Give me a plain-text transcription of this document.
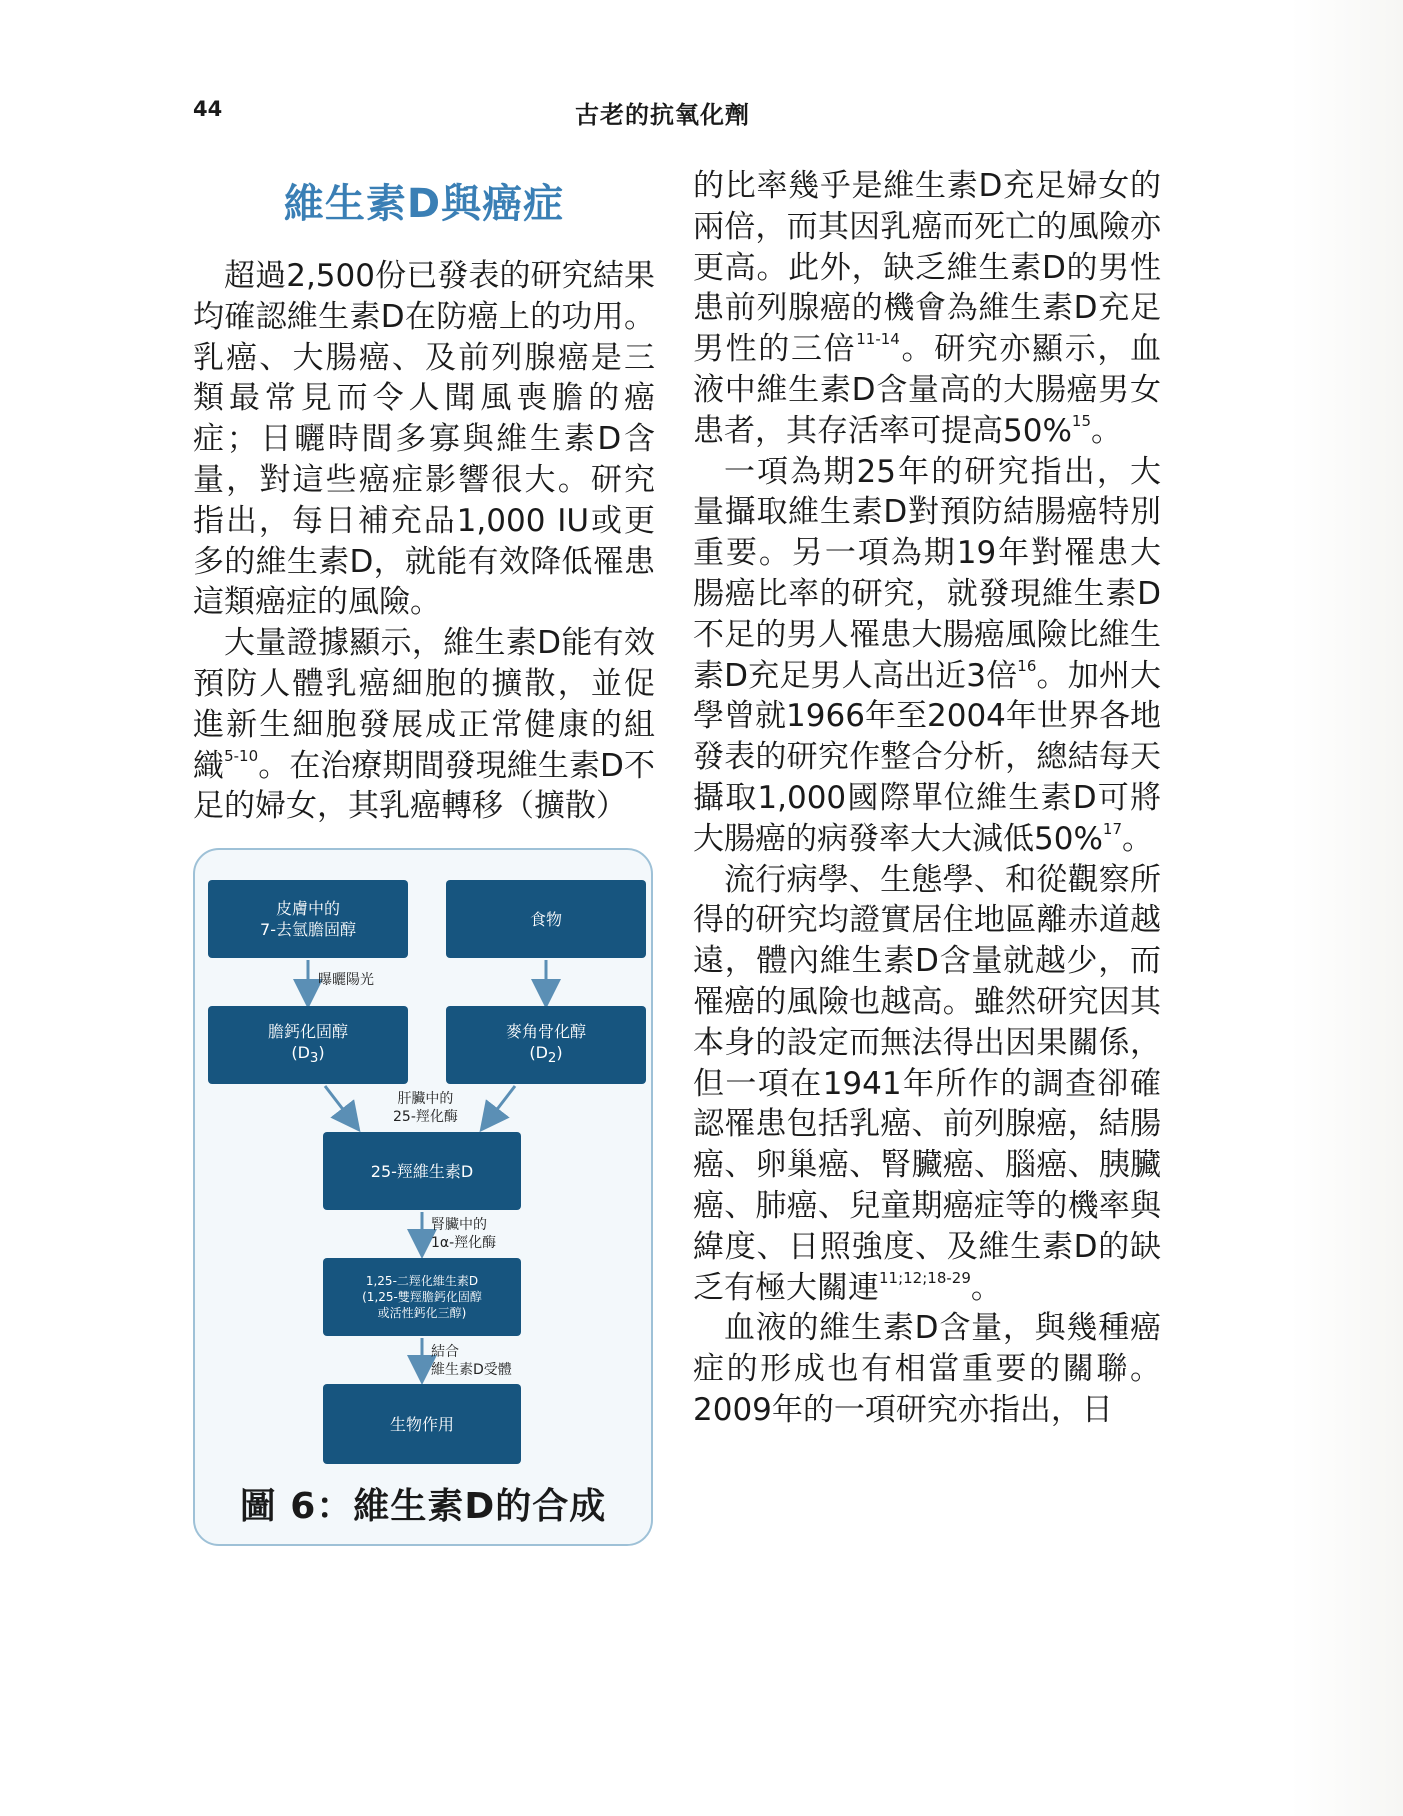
44	古老的抗氧化劑
維生素D與癌症

超過2,500份已發表的研究結果均確認維生素D在防癌上的功用。乳癌、大腸癌、及前列腺癌是三類最常見而令人聞風喪膽的癌症；日曬時間多寡與維生素D含量，對這些癌症影響很大。研究指出，每日補充品1,000 IU或更多的維生素D，就能有效降低罹患這類癌症的風險。

大量證據顯示，維生素D能有效預防人體乳癌細胞的擴散，並促進新生細胞發展成正常健康的組織$^{5-10}$。在治療期間發現維生素D不足的婦女，其乳癌轉移（擴散）

的比率幾乎是維生素D充足婦女的兩倍，而其因乳癌而死亡的風險亦更高。此外，缺乏維生素D的男性患前列腺癌的機會為維生素D充足男性的三倍$^{11-14}$。研究亦顯示，血液中維生素D含量高的大腸癌男女患者，其存活率可提高50%$^{15}$。

一項為期25年的研究指出，大量攝取維生素D對預防結腸癌特別重要。另一項為期19年對罹患大腸癌比率的研究，就發現維生素D不足的男人罹患大腸癌風險比維生素D充足男人高出近3倍$^{16}$。加州大學曾就1966年至2004年世界各地發表的研究作整合分析，總結每天攝取1,000國際單位維生素D可將大腸癌的病發率大大減低50%$^{17}$。

流行病學、生態學、和從觀察所得的研究均證實居住地區離赤道越遠，體內維生素D含量就越少，而罹癌的風險也越高。雖然研究因其本身的設定而無法得出因果關係，但一項在1941年所作的調查卻確認罹患包括乳癌、前列腺癌，結腸癌、卵巢癌、腎臟癌、腦癌、胰臟癌、肺癌、兒童期癌症等的機率與緯度、日照強度、及維生素D的缺乏有極大關連$^{11;12;18-29}$。

血液的維生素D含量，與幾種癌症的形成也有相當重要的關聯。2009年的一項研究亦指出，日

皮膚中的
7-去氫膽固醇
食物
曝曬陽光
膽鈣化固醇
$(D_3)$
麥角骨化醇
$(D_2)$
肝臟中的
25-羥化酶
25-羥維生素D
腎臟中的
1α-羥化酶
1,25-二羥化維生素D
(1,25-雙羥膽鈣化固醇
或活性鈣化三醇)
結合
維生素D受體
生物作用
圖 6：維生素D的合成
